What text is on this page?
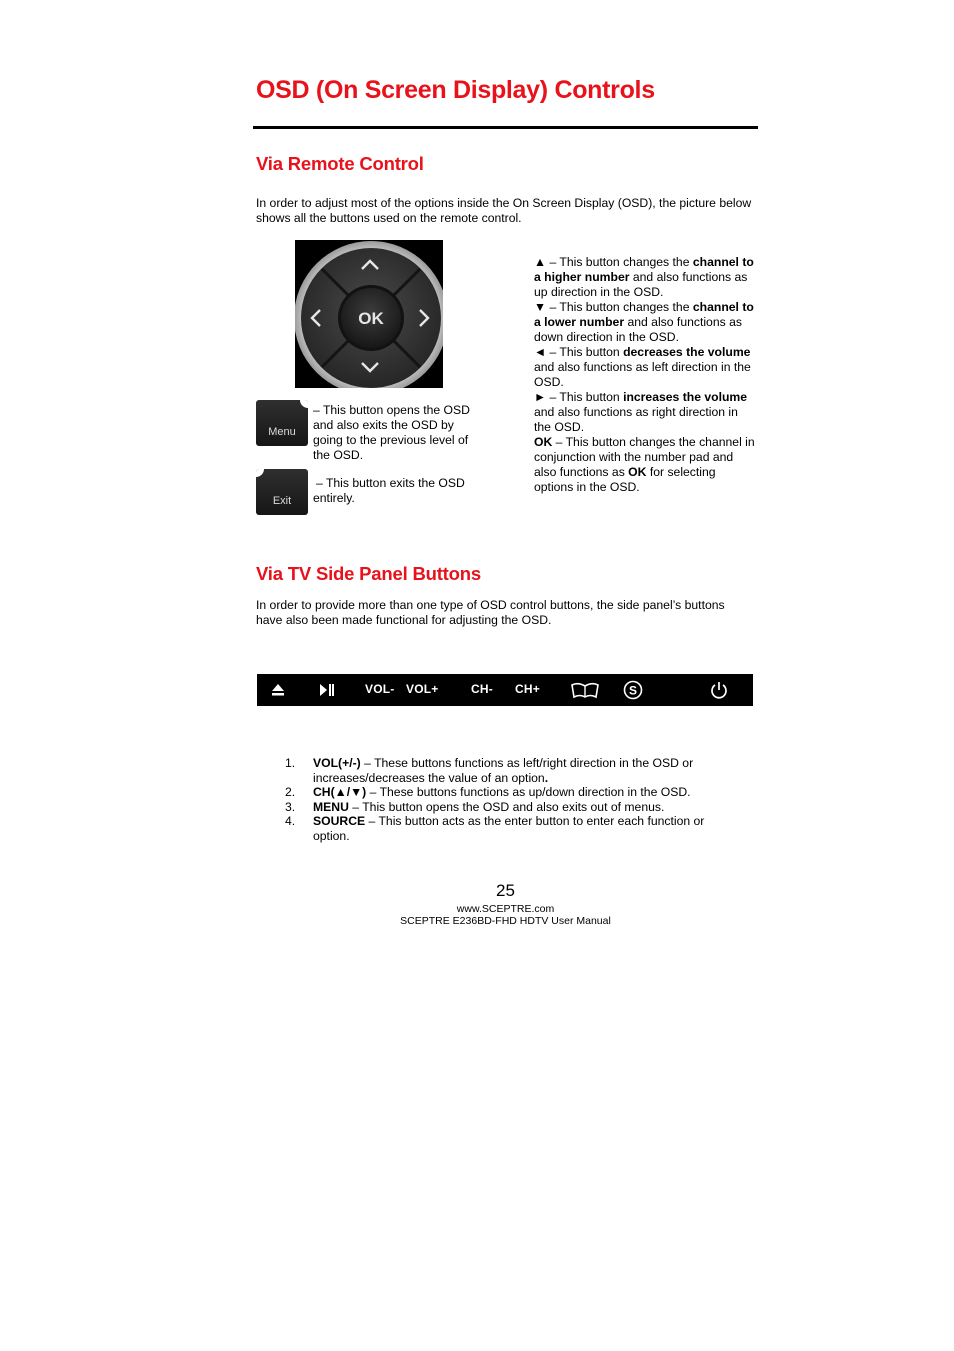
OSD (On Screen Display) Controls
Via Remote Control
In order to adjust most of the options inside the On Screen Display (OSD), the picture below shows all the buttons used on the remote control.
OK
Menu
– This button opens the OSD and also exits the OSD by going to the previous level of the OSD.
Exit
– This button exits the OSD entirely.
▲ – This button changes the channel to a higher number and also functions as up direction in the OSD.
▼ – This button changes the channel to a lower number and also functions as down direction in the OSD.
◄ – This button decreases the volume and also functions as left direction in the OSD.
► – This button increases the volume and also functions as right direction in the OSD.
OK – This button changes the channel in conjunction with the number pad and also functions as OK for selecting options in the OSD.
Via TV Side Panel Buttons
In order to provide more than one type of OSD control buttons, the side panel’s buttons have also been made functional for adjusting the OSD.
VOL- VOL+	CH- CH+	S
1. VOL(+/-) – These buttons functions as left/right direction in the OSD or increases/decreases the value of an option.
2. CH(▲/▼) – These buttons functions as up/down direction in the OSD.
3. MENU – This button opens the OSD and also exits out of menus.
4. SOURCE – This button acts as the enter button to enter each function or option.
25
www.SCEPTRE.com
SCEPTRE E236BD-FHD HDTV User Manual
